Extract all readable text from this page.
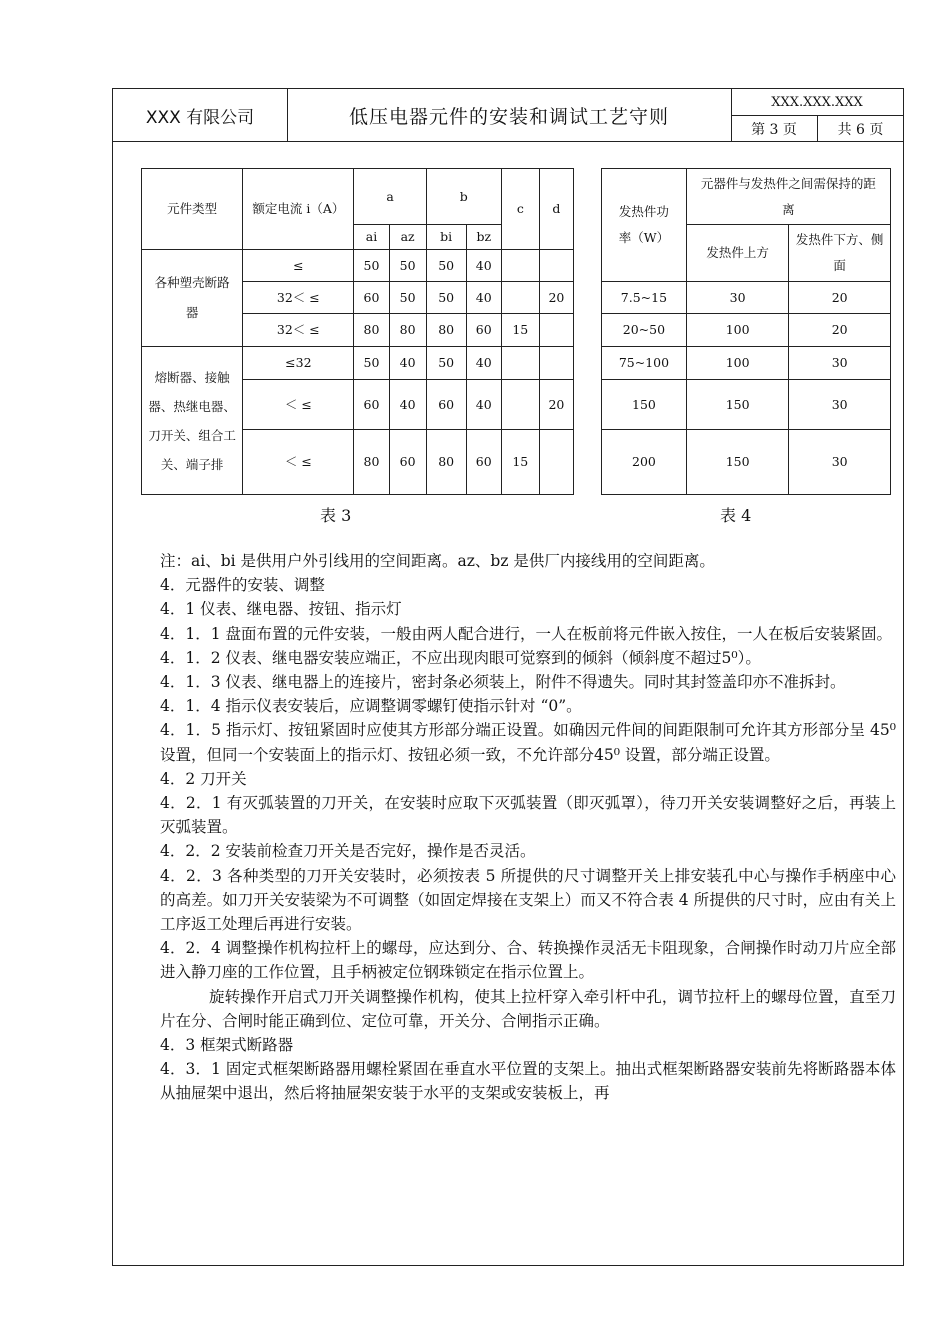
XXX 有限公司	低压电器元件的安装和调试工艺守则
XXX.XXX.XXX
第 3 页	共 6 页
元件类型	额定电流 i（A）	a		b		c	d
		ai	az	bi	bz		
各种塑壳断路器	≤	50	50	50	40		
	32＜ ≤	60	50	50	40		20
	32＜ ≤	80	80	80	60	15	
熔断器、接触器、热继电器、刀开关、组合工关、端子排	≤32	50	40	50	40		
	＜ ≤	60	40	60	40		20
	＜ ≤	80	60	80	60	15	
表 3
发热件功率（W）	元器件与发热件之间需保持的距离	
	发热件上方	发热件下方、侧面
7.5~15	30	20
20~50	100	20
75~100	100	30
150	150	30
200	150	30
表 4

注：ai、bi 是供用户外引线用的空间距离。az、bz 是供厂内接线用的空间距离。

4．元器件的安装、调整

4．1 仪表、继电器、按钮、指示灯

4．1．1 盘面布置的元件安装，一般由两人配合进行，一人在板前将元件嵌入按住，一人在板后安装紧固。

4．1．2 仪表、继电器安装应端正，不应出现肉眼可觉察到的倾斜（倾斜度不超过5⁰）。

4．1．3 仪表、继电器上的连接片，密封条必须装上，附件不得遗失。同时其封签盖印亦不准拆封。

4．1．4 指示仪表安装后，应调整调零螺钉使指示针对 “0”。

4．1．5 指示灯、按钮紧固时应使其方形部分端正设置。如确因元件间的间距限制可允许其方形部分呈 45⁰ 设置，但同一个安装面上的指示灯、按钮必须一致，不允许部分45⁰ 设置，部分端正设置。

4．2 刀开关

4．2．1 有灭弧装置的刀开关，在安装时应取下灭弧装置（即灭弧罩），待刀开关安装调整好之后，再装上灭弧装置。

4．2．2 安装前检查刀开关是否完好，操作是否灵活。

4．2．3 各种类型的刀开关安装时，必须按表 5 所提供的尺寸调整开关上排安装孔中心与操作手柄座中心的高差。如刀开关安装梁为不可调整（如固定焊接在支架上）而又不符合表 4 所提供的尺寸时，应由有关上工序返工处理后再进行安装。

4．2．4 调整操作机构拉杆上的螺母，应达到分、合、转换操作灵活无卡阻现象，合闸操作时动刀片应全部进入静刀座的工作位置，且手柄被定位钢珠锁定在指示位置上。

旋转操作开启式刀开关调整操作机构，使其上拉杆穿入牵引杆中孔，调节拉杆上的螺母位置，直至刀片在分、合闸时能正确到位、定位可靠，开关分、合闸指示正确。

4．3 框架式断路器

4．3．1 固定式框架断路器用螺栓紧固在垂直水平位置的支架上。抽出式框架断路器安装前先将断路器本体从抽屉架中退出，然后将抽屉架安装于水平的支架或安装板上，再
